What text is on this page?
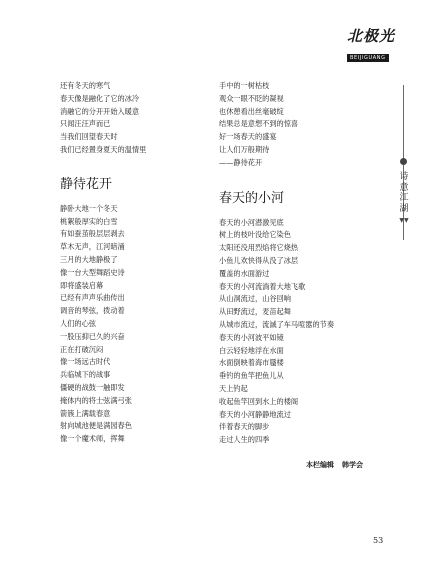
北极光
BEIJIGUANG
还有冬天的寒气
春天像是融化了它的冰冷
消融它的分开开始入暖意
只闻汪汪声而已
当我们回望春天时
我们已经置身夏天的温情里
静待花开
静卧大地一个冬天
桃絮般厚实的白雪
有如蚕茧般层层剥去
草木无声，江河暗涌
三月的大地静极了
像一台大型舞蹈史诗
即将盛装启幕
已经有声声乐曲传出
调音的琴弦，拨动着
人们的心弦
一股压抑已久的兴奋
正在打破沉闷
像一场远古时代
兵临城下的战事
僵硬的战鼓一触即发
掩体内的将士弦满弓张
箭簇上满载春意
射向城池便是满园春色
像一个魔术师，挥舞
手中的一树枯枝
观众一眼不眨的凝视
也休憩看出丝毫破绽
结果总是意想不到的惊喜
好一场春天的盛宴
让人们万般期待
——静待花开
春天的小河
春天的小河潜激见底
树上的枝叶没给它染色
太阳还没用烈焰将它烧热
小鱼儿欢快得从没了冰层
覆盖的水面游过
春天的小河流淌着大地飞歌
从山洞流过，山谷回响
从田野流过，麦苗起舞
从城市流过，流滅了车马喧嚣的节奏
春天的小河波平如镜
白云轻轻地浮在水面
水面倒映着海市蜃楼
垂钓的鱼竿把鱼儿从
天上钓起
收起鱼竿回到水上的楼阁
春天的小河静静地流过
伴着春天的脚步
走过人生的四季
诗意江湖
▼▼
本栏编辑 韩学会
53
